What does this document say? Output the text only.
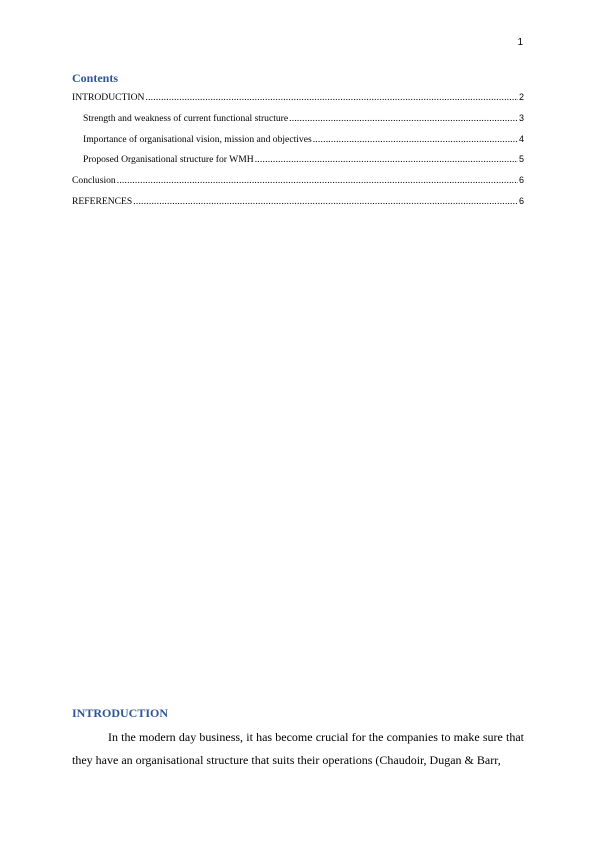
1
Contents
INTRODUCTION .....	2
Strength and weakness of current functional structure .....	3
Importance of organisational vision, mission and objectives .....	4
Proposed Organisational structure for WMH .....	5
Conclusion .....	6
REFERENCES .....	6
INTRODUCTION

In the modern day business, it has become crucial for the companies to make sure that they have an organisational structure that suits their operations (Chaudoir, Dugan & Barr,
